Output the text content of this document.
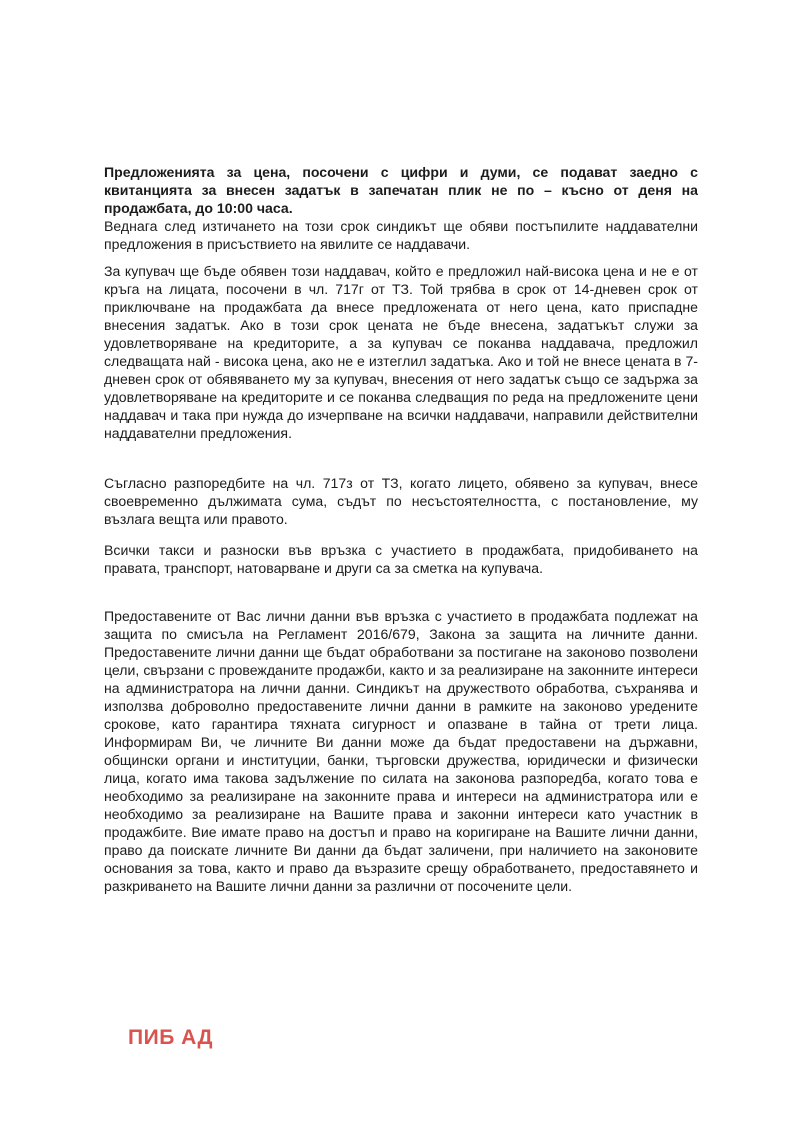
Предложенията за цена, посочени с цифри и думи, се подават заедно с квитанцията за внесен задатък в запечатан плик не по – късно от деня на продажбата, до 10:00 часа.

Веднага след изтичането на този срок синдикът ще обяви постъпилите наддавателни предложения в присъствието на явилите се наддавачи.

За купувач ще бъде обявен този наддавач, който е предложил най-висока цена и не е от кръга на лицата, посочени в чл. 717г от ТЗ. Той трябва в срок от 14-дневен срок от приключване на продажбата да внесе предложената от него цена, като приспадне внесения задатък. Ако в този срок цената не бъде внесена, задатъкът служи за удовлетворяване на кредиторите, а за купувач се поканва наддавача, предложил следващата най - висока цена, ако не е изтеглил задатъка. Ако и той не внесе цената в 7-дневен срок от обявяването му за купувач, внесения от него задатък също се задържа за удовлетворяване на кредиторите и се поканва следващия по реда на предложените цени наддавач и така при нужда до изчерпване на всички наддавачи, направили действителни наддавателни предложения.

Съгласно разпоредбите на чл. 717з от ТЗ, когато лицето, обявено за купувач, внесе своевременно дължимата сума, съдът по несъстоятелността, с постановление, му възлага вещта или правото.

Всички такси и разноски във връзка с участието в продажбата, придобиването на правата, транспорт, натоварване и други са за сметка на купувача.

Предоставените от Вас лични данни във връзка с участието в продажбата подлежат на защита по смисъла на Регламент 2016/679, Закона за защита на личните данни. Предоставените лични данни ще бъдат обработвани за постигане на законово позволени цели, свързани с провежданите продажби, както и за реализиране на законните интереси на администратора на лични данни. Синдикът на дружеството обработва, съхранява и използва доброволно предоставените лични данни в рамките на законово уредените срокове, като гарантира тяхната сигурност и опазване в тайна от трети лица. Информирам Ви, че личните Ви данни може да бъдат предоставени на държавни, общински органи и институции, банки, търговски дружества, юридически и физически лица, когато има такова задължение по силата на законова разпоредба, когато това е необходимо за реализиране на законните права и интереси на администратора или е необходимо за реализиране на Вашите права и законни интереси като участник в продажбите. Вие имате право на достъп и право на коригиране на Вашите лични данни, право да поискате личните Ви данни да бъдат заличени, при наличието на законовите основания за това, както и право да възразите срещу обработването, предоставянето и разкриването на Вашите лични данни за различни от посочените цели.

ПИБ АД
